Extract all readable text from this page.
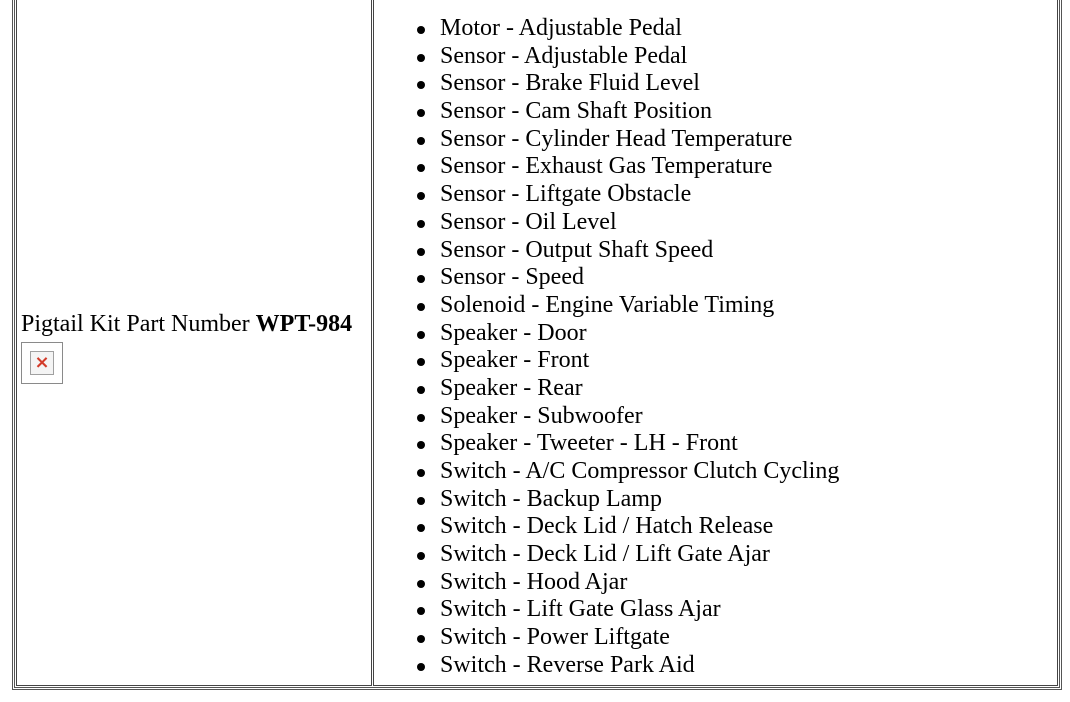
Pigtail Kit Part Number WPT-984
×
Motor - Adjustable Pedal
Sensor - Adjustable Pedal
Sensor - Brake Fluid Level
Sensor - Cam Shaft Position
Sensor - Cylinder Head Temperature
Sensor - Exhaust Gas Temperature
Sensor - Liftgate Obstacle
Sensor - Oil Level
Sensor - Output Shaft Speed
Sensor - Speed
Solenoid - Engine Variable Timing
Speaker - Door
Speaker - Front
Speaker - Rear
Speaker - Subwoofer
Speaker - Tweeter - LH - Front
Switch - A/C Compressor Clutch Cycling
Switch - Backup Lamp
Switch - Deck Lid / Hatch Release
Switch - Deck Lid / Lift Gate Ajar
Switch - Hood Ajar
Switch - Lift Gate Glass Ajar
Switch - Power Liftgate
Switch - Reverse Park Aid
